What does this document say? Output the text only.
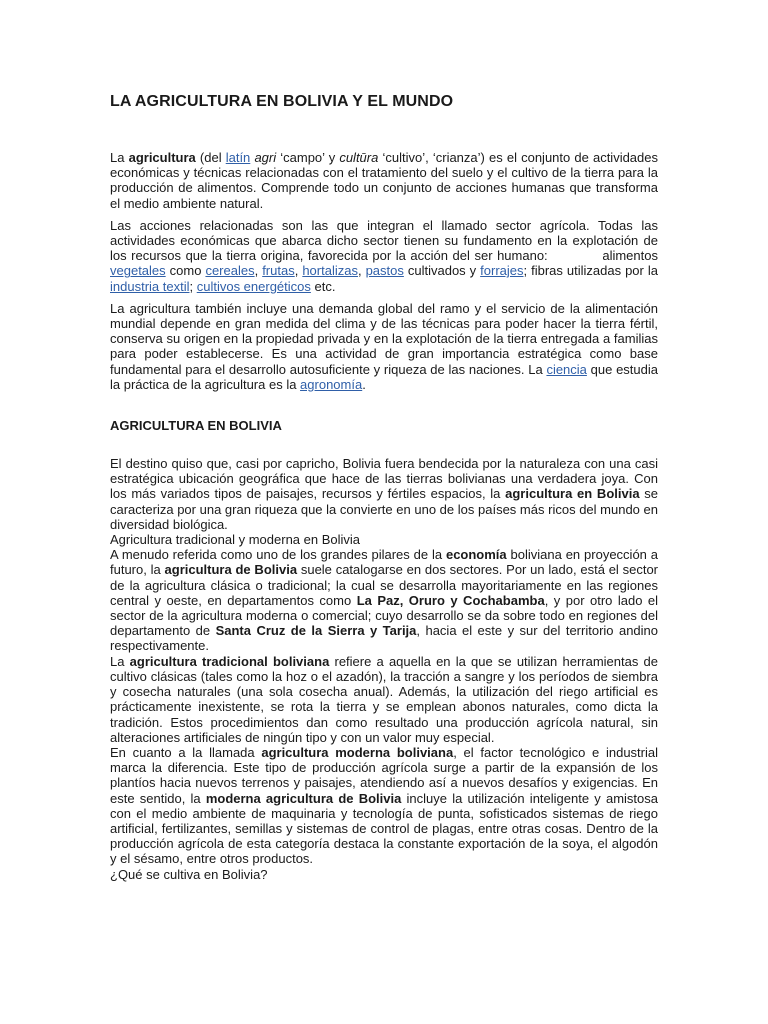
LA AGRICULTURA EN BOLIVIA Y EL MUNDO

La agricultura (del latín agri ‘campo’ y cultūra ‘cultivo’, ‘crianza’) es el conjunto de actividades económicas y técnicas relacionadas con el tratamiento del suelo y el cultivo de la tierra para la producción de alimentos. Comprende todo un conjunto de acciones humanas que transforma el medio ambiente natural.

Las acciones relacionadas son las que integran el llamado sector agrícola. Todas las actividades económicas que abarca dicho sector tienen su fundamento en la explotación de los recursos que la tierra origina, favorecida por la acción del ser humano:            alimentos vegetales como cereales, frutas, hortalizas, pastos cultivados y forrajes; fibras utilizadas por la industria textil; cultivos energéticos etc.

La agricultura también incluye una demanda global del ramo y el servicio de la alimentación mundial depende en gran medida del clima y de las técnicas para poder hacer la tierra fértil, conserva su origen en la propiedad privada y en la explotación de la tierra entregada a familias para poder establecerse. Es una actividad de gran importancia estratégica como base fundamental para el desarrollo autosuficiente y riqueza de las naciones. La ciencia que estudia la práctica de la agricultura es la agronomía.

AGRICULTURA EN BOLIVIA

El destino quiso que, casi por capricho, Bolivia fuera bendecida por la naturaleza con una casi estratégica ubicación geográfica que hace de las tierras bolivianas una verdadera joya. Con los más variados tipos de paisajes, recursos y fértiles espacios, la agricultura en Bolivia se caracteriza por una gran riqueza que la convierte en uno de los países más ricos del mundo en diversidad biológica.

Agricultura tradicional y moderna en Bolivia

A menudo referida como uno de los grandes pilares de la economía boliviana en proyección a futuro, la agricultura de Bolivia suele catalogarse en dos sectores. Por un lado, está el sector de la agricultura clásica o tradicional; la cual se desarrolla mayoritariamente en las regiones central y oeste, en departamentos como La Paz, Oruro y Cochabamba, y por otro lado el sector de la agricultura moderna o comercial; cuyo desarrollo se da sobre todo en regiones del departamento de Santa Cruz de la Sierra y Tarija, hacia el este y sur del territorio andino respectivamente.

La agricultura tradicional boliviana refiere a aquella en la que se utilizan herramientas de cultivo clásicas (tales como la hoz o el azadón), la tracción a sangre y los períodos de siembra y cosecha naturales (una sola cosecha anual). Además, la utilización del riego artificial es prácticamente inexistente, se rota la tierra y se emplean abonos naturales, como dicta la tradición. Estos procedimientos dan como resultado una producción agrícola natural, sin alteraciones artificiales de ningún tipo y con un valor muy especial.

En cuanto a la llamada agricultura moderna boliviana, el factor tecnológico e industrial marca la diferencia. Este tipo de producción agrícola surge a partir de la expansión de los plantíos hacia nuevos terrenos y paisajes, atendiendo así a nuevos desafíos y exigencias. En este sentido, la moderna agricultura de Bolivia incluye la utilización inteligente y amistosa con el medio ambiente de maquinaria y tecnología de punta, sofisticados sistemas de riego artificial, fertilizantes, semillas y sistemas de control de plagas, entre otras cosas. Dentro de la producción agrícola de esta categoría destaca la constante exportación de la soya, el algodón y el sésamo, entre otros productos.

¿Qué se cultiva en Bolivia?
